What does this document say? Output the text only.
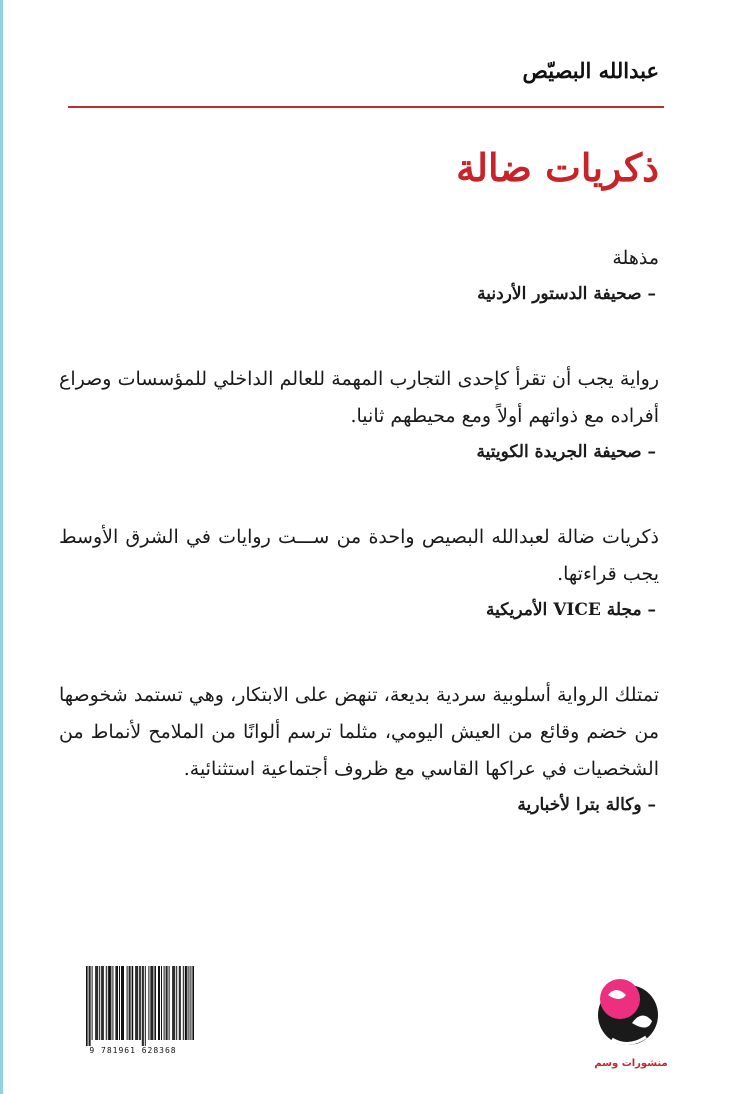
عبدالله البصيّص
ذكريات ضالة

مذهلة

– صحيفة الدستور الأردنية

رواية يجب أن تقرأ كإحدى التجارب المهمة للعالم الداخلي للمؤسسات وصراع أفراده مع ذواتهم أولاً ومع محيطهم ثانيا.

– صحيفة الجريدة الكويتية

ذكريات ضالة لعبدالله البصيص واحدة من ســـت روايات في الشرق الأوسط يجب قراءتها.

– مجلة VICE الأمريكية

تمتلك الرواية أسلوبية سردية بديعة، تنهض على الابتكار، وهي تستمد شخوصها من خضم وقائع من العيش اليومي، مثلما ترسم ألوانًا من الملامح لأنماط من الشخصيات في عراكها القاسي مع ظروف أجتماعية استثنائية.

– وكالة بترا لأخبارية

9 781961 628368
منشورات وسم
